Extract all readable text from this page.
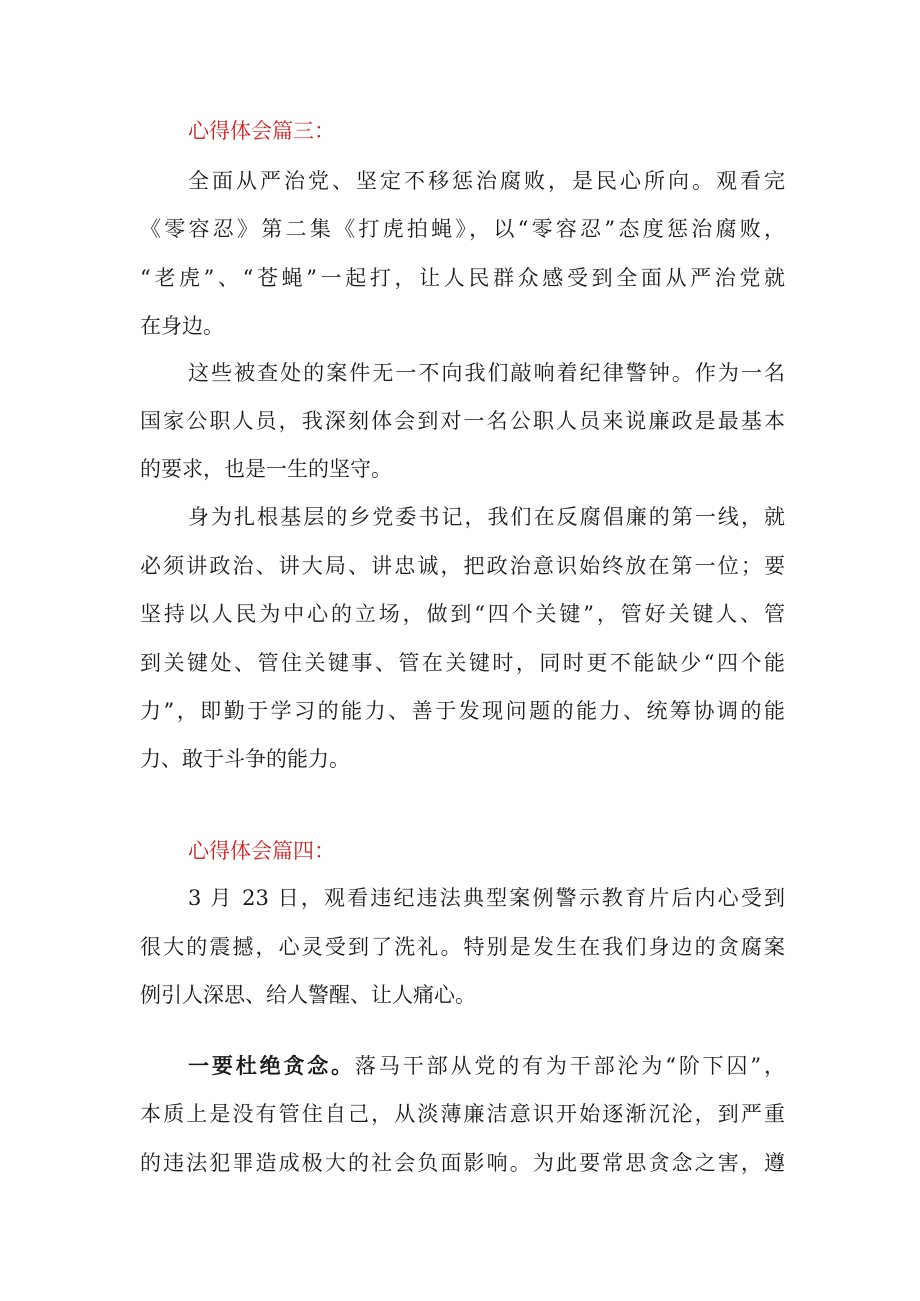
心得体会篇三：
全面从严治党、坚定不移惩治腐败，是民心所向。观看完
《零容忍》第二集《打虎拍蝇》，以“零容忍”态度惩治腐败，
“老虎”、“苍蝇”一起打，让人民群众感受到全面从严治党就
在身边。
这些被查处的案件无一不向我们敲响着纪律警钟。作为一名
国家公职人员，我深刻体会到对一名公职人员来说廉政是最基本
的要求，也是一生的坚守。
身为扎根基层的乡党委书记，我们在反腐倡廉的第一线，就
必须讲政治、讲大局、讲忠诚，把政治意识始终放在第一位；要
坚持以人民为中心的立场，做到“四个关键”，管好关键人、管
到关键处、管住关键事、管在关键时，同时更不能缺少“四个能
力”，即勤于学习的能力、善于发现问题的能力、统筹协调的能
力、敢于斗争的能力。
心得体会篇四：
3 月 23 日，观看违纪违法典型案例警示教育片后内心受到
很大的震撼，心灵受到了洗礼。特别是发生在我们身边的贪腐案
例引人深思、给人警醒、让人痛心。
一要杜绝贪念。落马干部从党的有为干部沦为“阶下囚”，
本质上是没有管住自己，从淡薄廉洁意识开始逐渐沉沦，到严重
的违法犯罪造成极大的社会负面影响。为此要常思贪念之害，遵
